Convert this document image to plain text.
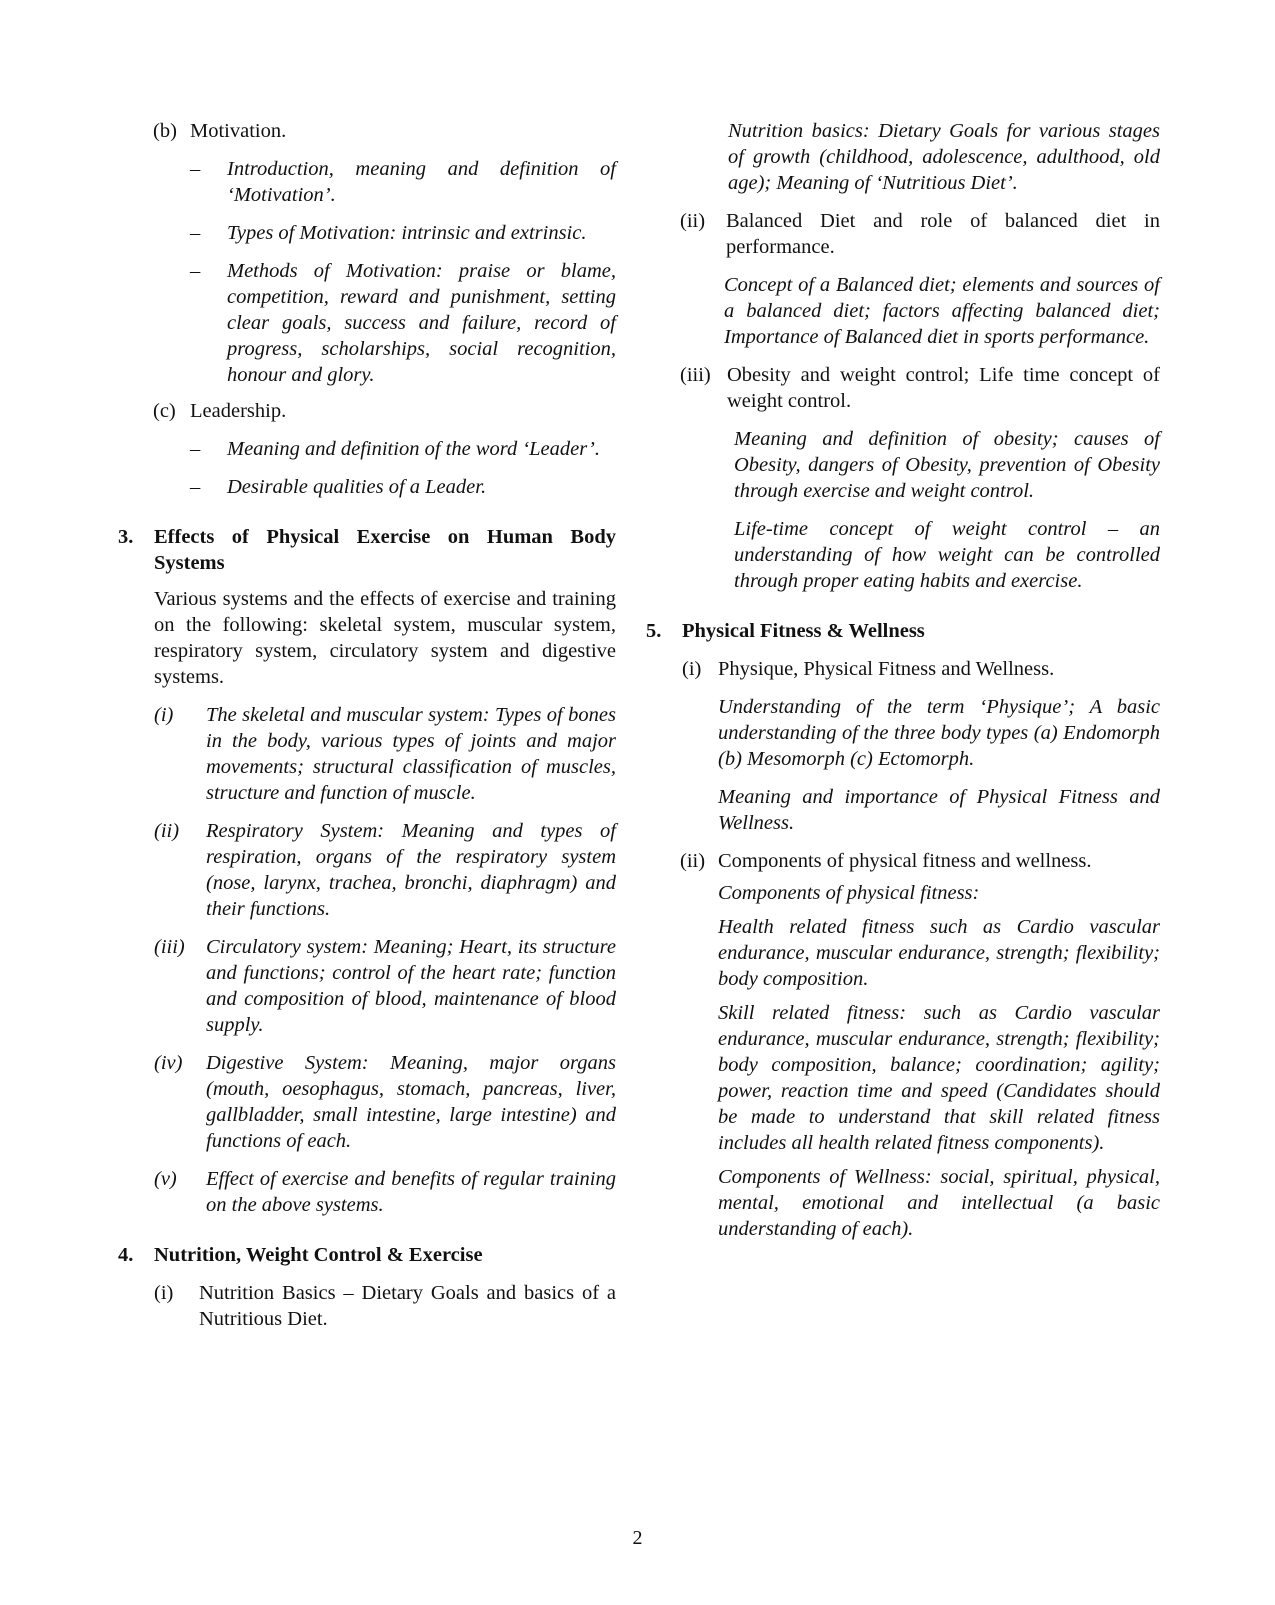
(b) Motivation.

– Introduction, meaning and definition of ‘Motivation’.

– Types of Motivation: intrinsic and extrinsic.

– Methods of Motivation: praise or blame, competition, reward and punishment, setting clear goals, success and failure, record of progress, scholarships, social recognition, honour and glory.

(c) Leadership.

– Meaning and definition of the word ‘Leader’.

– Desirable qualities of a Leader.

3. Effects of Physical Exercise on Human Body Systems

Various systems and the effects of exercise and training on the following: skeletal system, muscular system, respiratory system, circulatory system and digestive systems.

(i) The skeletal and muscular system: Types of bones in the body, various types of joints and major movements; structural classification of muscles, structure and function of muscle.

(ii) Respiratory System: Meaning and types of respiration, organs of the respiratory system (nose, larynx, trachea, bronchi, diaphragm) and their functions.

(iii) Circulatory system: Meaning; Heart, its structure and functions; control of the heart rate; function and composition of blood, maintenance of blood supply.

(iv) Digestive System: Meaning, major organs (mouth, oesophagus, stomach, pancreas, liver, gallbladder, small intestine, large intestine) and functions of each.

(v) Effect of exercise and benefits of regular training on the above systems.

4. Nutrition, Weight Control & Exercise

(i) Nutrition Basics – Dietary Goals and basics of a Nutritious Diet.

Nutrition basics: Dietary Goals for various stages of growth (childhood, adolescence, adulthood, old age); Meaning of ‘Nutritious Diet’.

(ii) Balanced Diet and role of balanced diet in performance.

Concept of a Balanced diet; elements and sources of a balanced diet; factors affecting balanced diet; Importance of Balanced diet in sports performance.

(iii) Obesity and weight control; Life time concept of weight control.

Meaning and definition of obesity; causes of Obesity, dangers of Obesity, prevention of Obesity through exercise and weight control.

Life-time concept of weight control – an understanding of how weight can be controlled through proper eating habits and exercise.

5. Physical Fitness & Wellness

(i) Physique, Physical Fitness and Wellness.

Understanding of the term ‘Physique’; A basic understanding of the three body types (a) Endomorph (b) Mesomorph (c) Ectomorph.

Meaning and importance of Physical Fitness and Wellness.

(ii) Components of physical fitness and wellness.

Components of physical fitness:

Health related fitness such as Cardio vascular endurance, muscular endurance, strength; flexibility; body composition.

Skill related fitness: such as Cardio vascular endurance, muscular endurance, strength; flexibility; body composition, balance; coordination; agility; power, reaction time and speed (Candidates should be made to understand that skill related fitness includes all health related fitness components).

Components of Wellness: social, spiritual, physical, mental, emotional and intellectual (a basic understanding of each).

2
